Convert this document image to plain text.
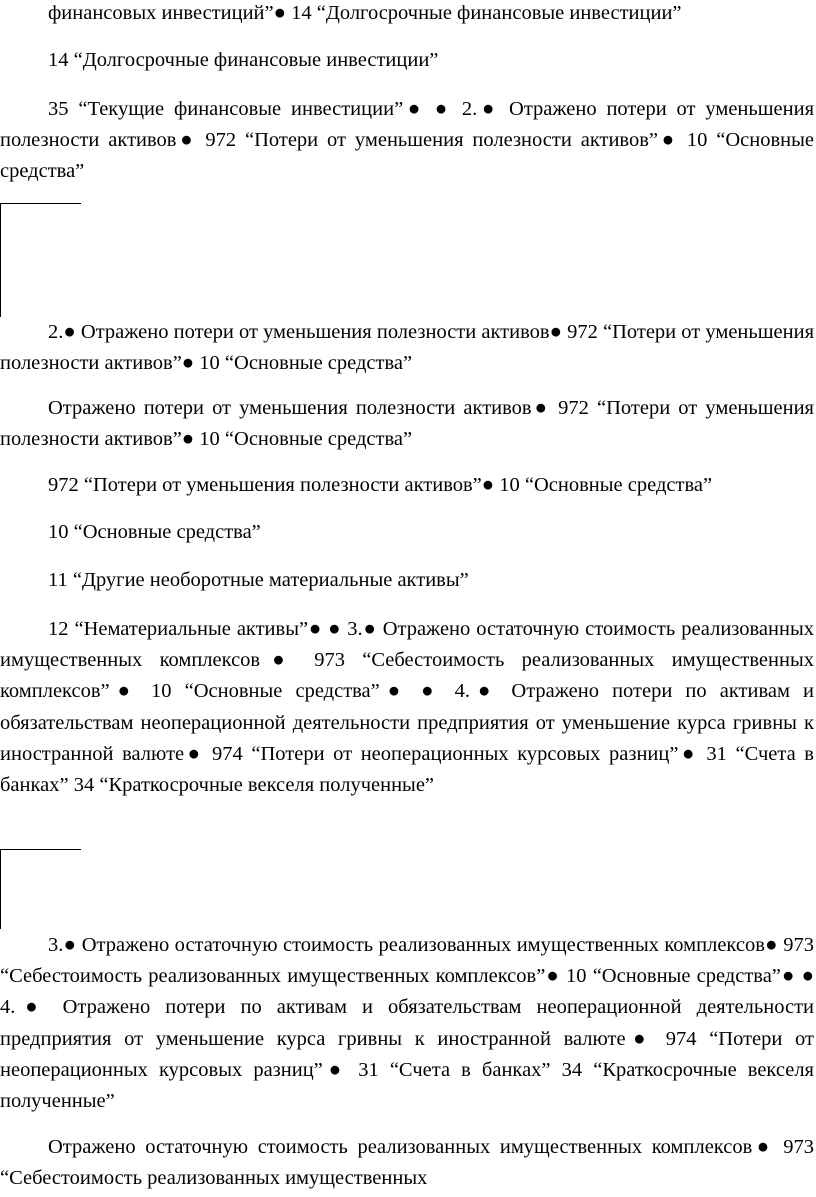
финансовых инвестиций”● 14 “Долгосрочные финансовые инвестиции”

14 “Долгосрочные финансовые инвестиции”

35 “Текущие финансовые инвестиции”● ● 2.● Отражено потери от уменьшения полезности активов● 972 “Потери от уменьшения полезности активов”● 10 “Основные средства”

2.● Отражено потери от уменьшения полезности активов● 972 “Потери от уменьшения полезности активов”● 10 “Основные средства”

Отражено потери от уменьшения полезности активов● 972 “Потери от уменьшения полезности активов”● 10 “Основные средства”

972 “Потери от уменьшения полезности активов”● 10 “Основные средства”

10 “Основные средства”

11 “Другие необоротные материальные активы”

12 “Нематериальные активы”● ● 3.● Отражено остаточную стоимость реализованных имущественных комплексов● 973 “Себестоимость реализованных имущественных комплексов”● 10 “Основные средства”● ● 4.● Отражено потери по активам и обязательствам неоперационной деятельности предприятия от уменьшение курса гривны к иностранной валюте● 974 “Потери от неоперационных курсовых разниц”● 31 “Счета в банках” 34 “Краткосрочные векселя полученные”

3.● Отражено остаточную стоимость реализованных имущественных комплексов● 973 “Себестоимость реализованных имущественных комплексов”● 10 “Основные средства”● ● 4.● Отражено потери по активам и обязательствам неоперационной деятельности предприятия от уменьшение курса гривны к иностранной валюте● 974 “Потери от неоперационных курсовых разниц”● 31 “Счета в банках” 34 “Краткосрочные векселя полученные”

Отражено остаточную стоимость реализованных имущественных комплексов● 973 “Себестоимость реализованных имущественных
